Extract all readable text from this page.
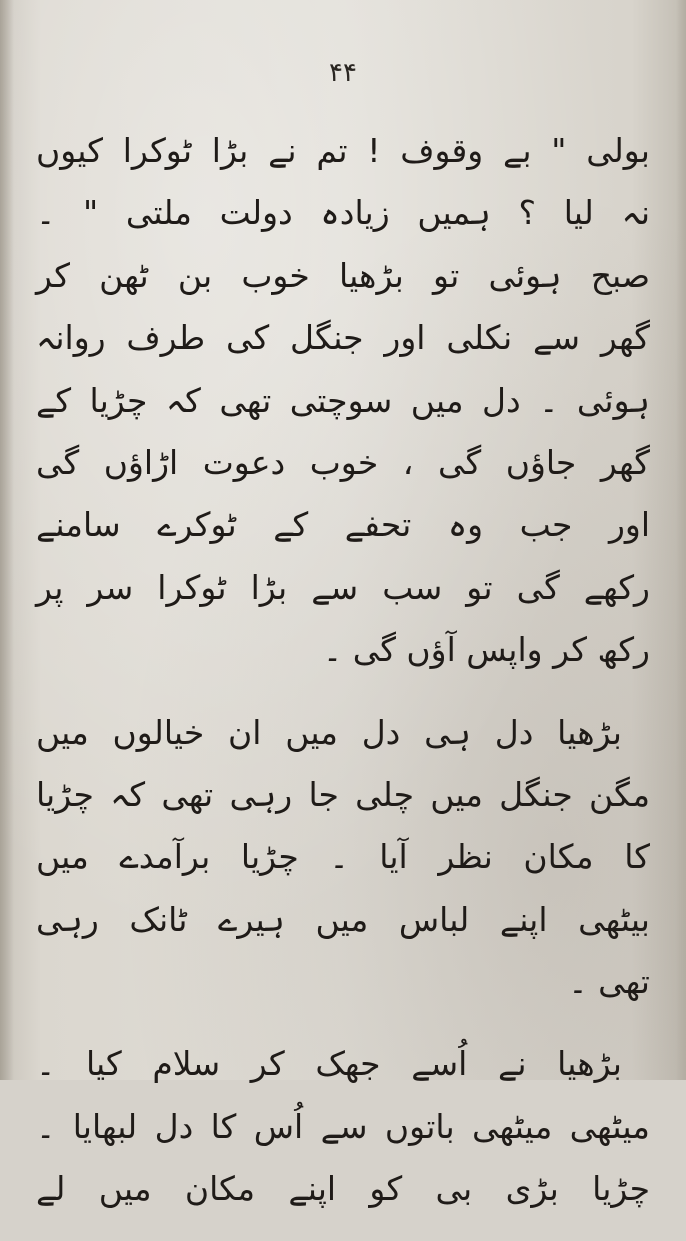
۴۴
بولی " بے وقوف ! تم نے بڑا ٹوکرا کیوں
نہ لیا ؟ ہمیں زیادہ دولت ملتی " ۔
صبح ہوئی تو بڑھیا خوب بن ٹھن کر
گھر سے نکلی اور جنگل کی طرف روانہ
ہوئی ۔ دل میں سوچتی تھی کہ چڑیا کے
گھر جاؤں گی ، خوب دعوت اڑاؤں گی
اور جب وہ تحفے کے ٹوکرے سامنے
رکھے گی تو سب سے بڑا ٹوکرا سر پر
رکھ کر واپس آؤں گی ۔
بڑھیا دل ہی دل میں ان خیالوں میں
مگن جنگل میں چلی جا رہی تھی کہ چڑیا
کا مکان نظر آیا ۔ چڑیا برآمدے میں
بیٹھی اپنے لباس میں ہیرے ٹانک رہی
تھی ۔
بڑھیا نے اُسے جھک کر سلام کیا ۔
میٹھی میٹھی باتوں سے اُس کا دل لبھایا ۔
چڑیا بڑی بی کو اپنے مکان میں لے
